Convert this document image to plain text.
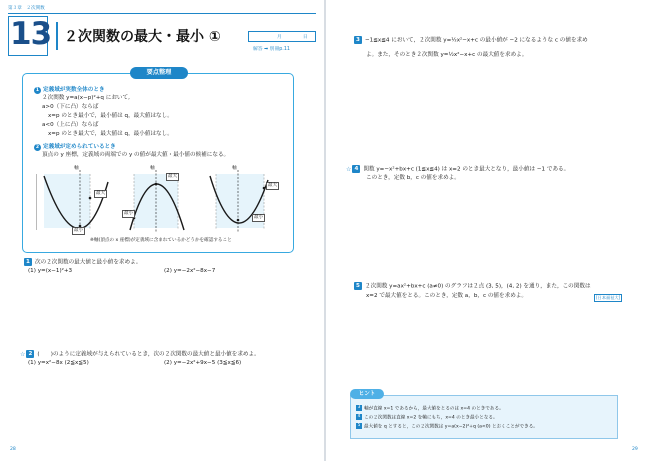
第３章　２次関数
13 ２次関数の最大・最小 ①	月	日
解答 ➡ 別冊p.11
要点整理
1 定義域が実数全体のとき
２次関数 y=a(x−p)²+q において,
a>0（下に凸）ならば
x=p のとき最小で，最小値は q，最大値はなし。
a<0（上に凸）ならば
x=p のとき最大で，最大値は q，最小値はなし。
2 定義域が定められているとき
頂点の y 座標，定義域の両端での y の値が最大値・最小値の候補になる。
軸
最大
最小
軸
最大
最小
軸
最大
最小
※軸(頂点の x 座標)が定義域に含まれているかどうかを確認すること
1 次の２次関数の最大値と最小値を求めよ。
(1) y=(x−1)²+3	(2) y=−2x²−8x−7
☆ 2 (　　)のように定義域が与えられているとき，次の２次関数の最大値と最小値を求めよ。
(1) y=x²−8x (2≦x≦5)	(2) y=−2x²+9x−5 (3≦x≦6)
28
3 −1≦x≦4 において，２次関数 y=½x²−x+c の最小値が −2 になるような c の値を求め
よ。また，そのとき２次関数 y=½x²−x+c の最大値を求めよ。
☆ 4 関数 y=−x²+bx+c (1≦x≦4) は x=2 のとき最大となり，最小値は −1 である。
このとき，定数 b，c の値を求めよ。
5 ２次関数 y=ax²+bx+c (a≠0) のグラフは２点 (3, 5)，(4, 2) を通り，また，この関数は
x=2 で最大値をとる。このとき，定数 a，b，c の値を求めよ。	[日本福祉大]
ヒント
3 軸が直線 x=1 であるから，最大値をとるのは x=4 のときである。
4 この２次関数は直線 x=2 を軸にもち，x=4 のとき最小となる。
5 最大値を q とすると，この２次関数は y=a(x−2)²+q (a<0) とおくことができる。
29
